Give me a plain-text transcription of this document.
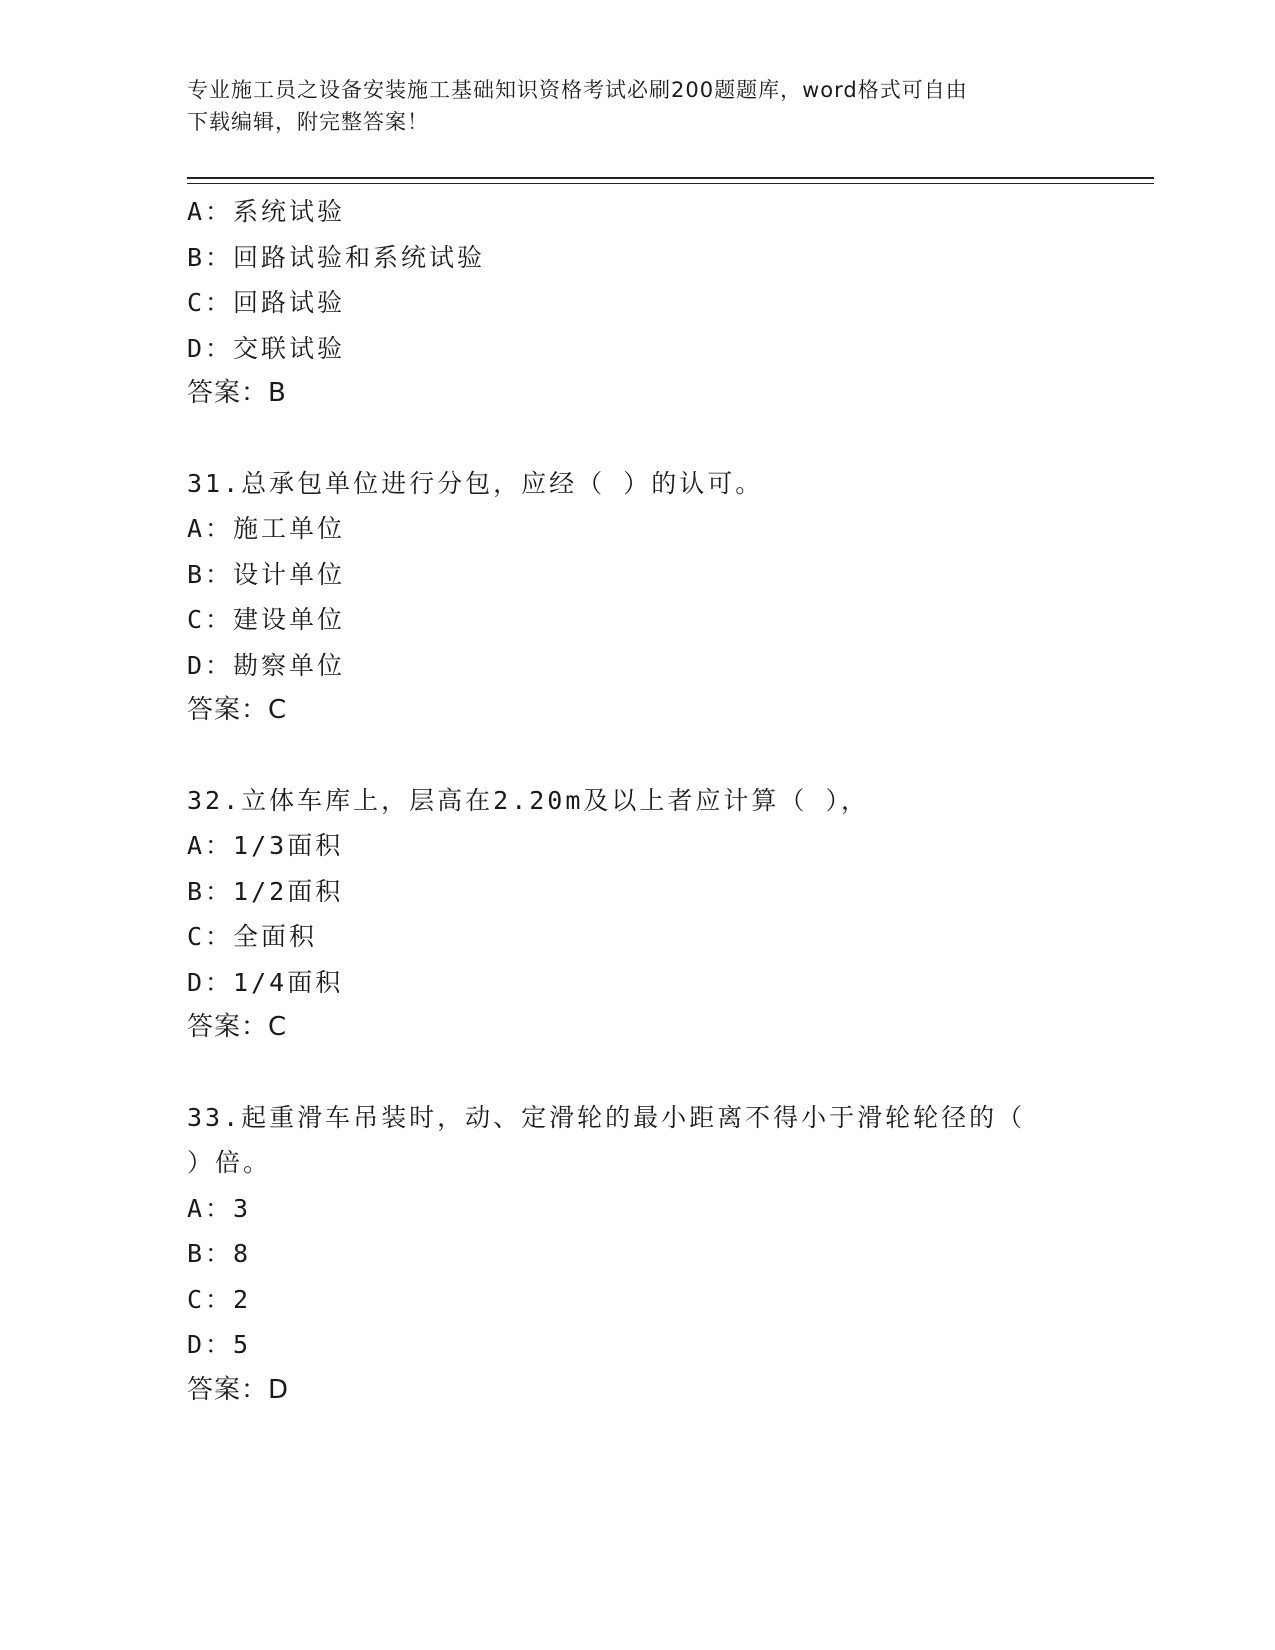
专业施工员之设备安装施工基础知识资格考试必刷200题题库，word格式可自由
下载编辑，附完整答案！
A：系统试验
B：回路试验和系统试验
C：回路试验
D：交联试验
答案：B
31.总承包单位进行分包，应经（ ）的认可。
A：施工单位
B：设计单位
C：建设单位
D：勘察单位
答案：C
32.立体车库上，层高在2.20m及以上者应计算（ ），
A：1/3面积
B：1/2面积
C：全面积
D：1/4面积
答案：C
33.起重滑车吊装时，动、定滑轮的最小距离不得小于滑轮轮径的（
）倍。
A：3
B：8
C：2
D：5
答案：D
